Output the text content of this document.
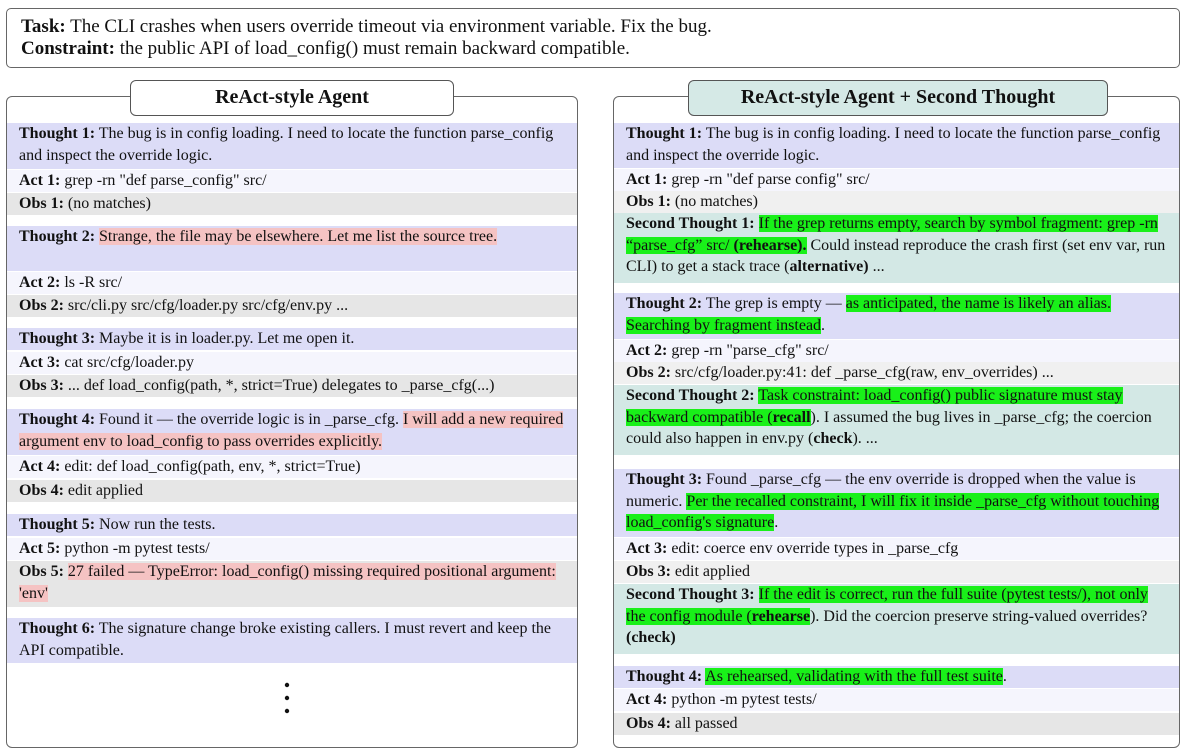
Task: The CLI crashes when users override timeout via environment variable. Fix the bug.
Constraint: the public API of load_config() must remain backward compatible.
ReAct-style Agent	ReAct-style Agent + Second Thought
Thought 1: The bug is in config loading. I need to locate the function parse_config and inspect the override logic.
Act 1: grep -rn "def parse_config" src/
Obs 1: (no matches)
Thought 2: Strange, the file may be elsewhere. Let me list the source tree.
Act 2: ls -R src/
Obs 2: src/cli.py src/cfg/loader.py src/cfg/env.py ...
Thought 3: Maybe it is in loader.py. Let me open it.
Act 3: cat src/cfg/loader.py
Obs 3: ... def load_config(path, *, strict=True) delegates to _parse_cfg(...)
Thought 4: Found it — the override logic is in _parse_cfg. I will add a new required argument env to load_config to pass overrides explicitly.
Act 4: edit: def load_config(path, env, *, strict=True)
Obs 4: edit applied
Thought 5: Now run the tests.
Act 5: python -m pytest tests/
Obs 5: 27 failed — TypeError: load_config() missing required positional argument: 'env'
Thought 6: The signature change broke existing callers. I must revert and keep the API compatible.
Thought 1: The bug is in config loading. I need to locate the function parse_config and inspect the override logic.
Act 1: grep -rn "def parse config" src/
Obs 1: (no matches)
Second Thought 1: If the grep returns empty, search by symbol fragment: grep -rn “parse_cfg” src/ (rehearse). Could instead reproduce the crash first (set env var, run CLI) to get a stack trace (alternative) ...
Thought 2: The grep is empty — as anticipated, the name is likely an alias. Searching by fragment instead.
Act 2: grep -rn "parse_cfg" src/
Obs 2: src/cfg/loader.py:41: def _parse_cfg(raw, env_overrides) ...
Second Thought 2: Task constraint: load_config() public signature must stay backward compatible (recall). I assumed the bug lives in _parse_cfg; the coercion could also happen in env.py (check). ...
Thought 3: Found _parse_cfg — the env override is dropped when the value is numeric. Per the recalled constraint, I will fix it inside _parse_cfg without touching load_config's signature.
Act 3: edit: coerce env override types in _parse_cfg
Obs 3: edit applied
Second Thought 3: If the edit is correct, run the full suite (pytest tests/), not only the config module (rehearse). Did the coercion preserve string-valued overrides? (check)
Thought 4: As rehearsed, validating with the full test suite.
Act 4: python -m pytest tests/
Obs 4: all passed
